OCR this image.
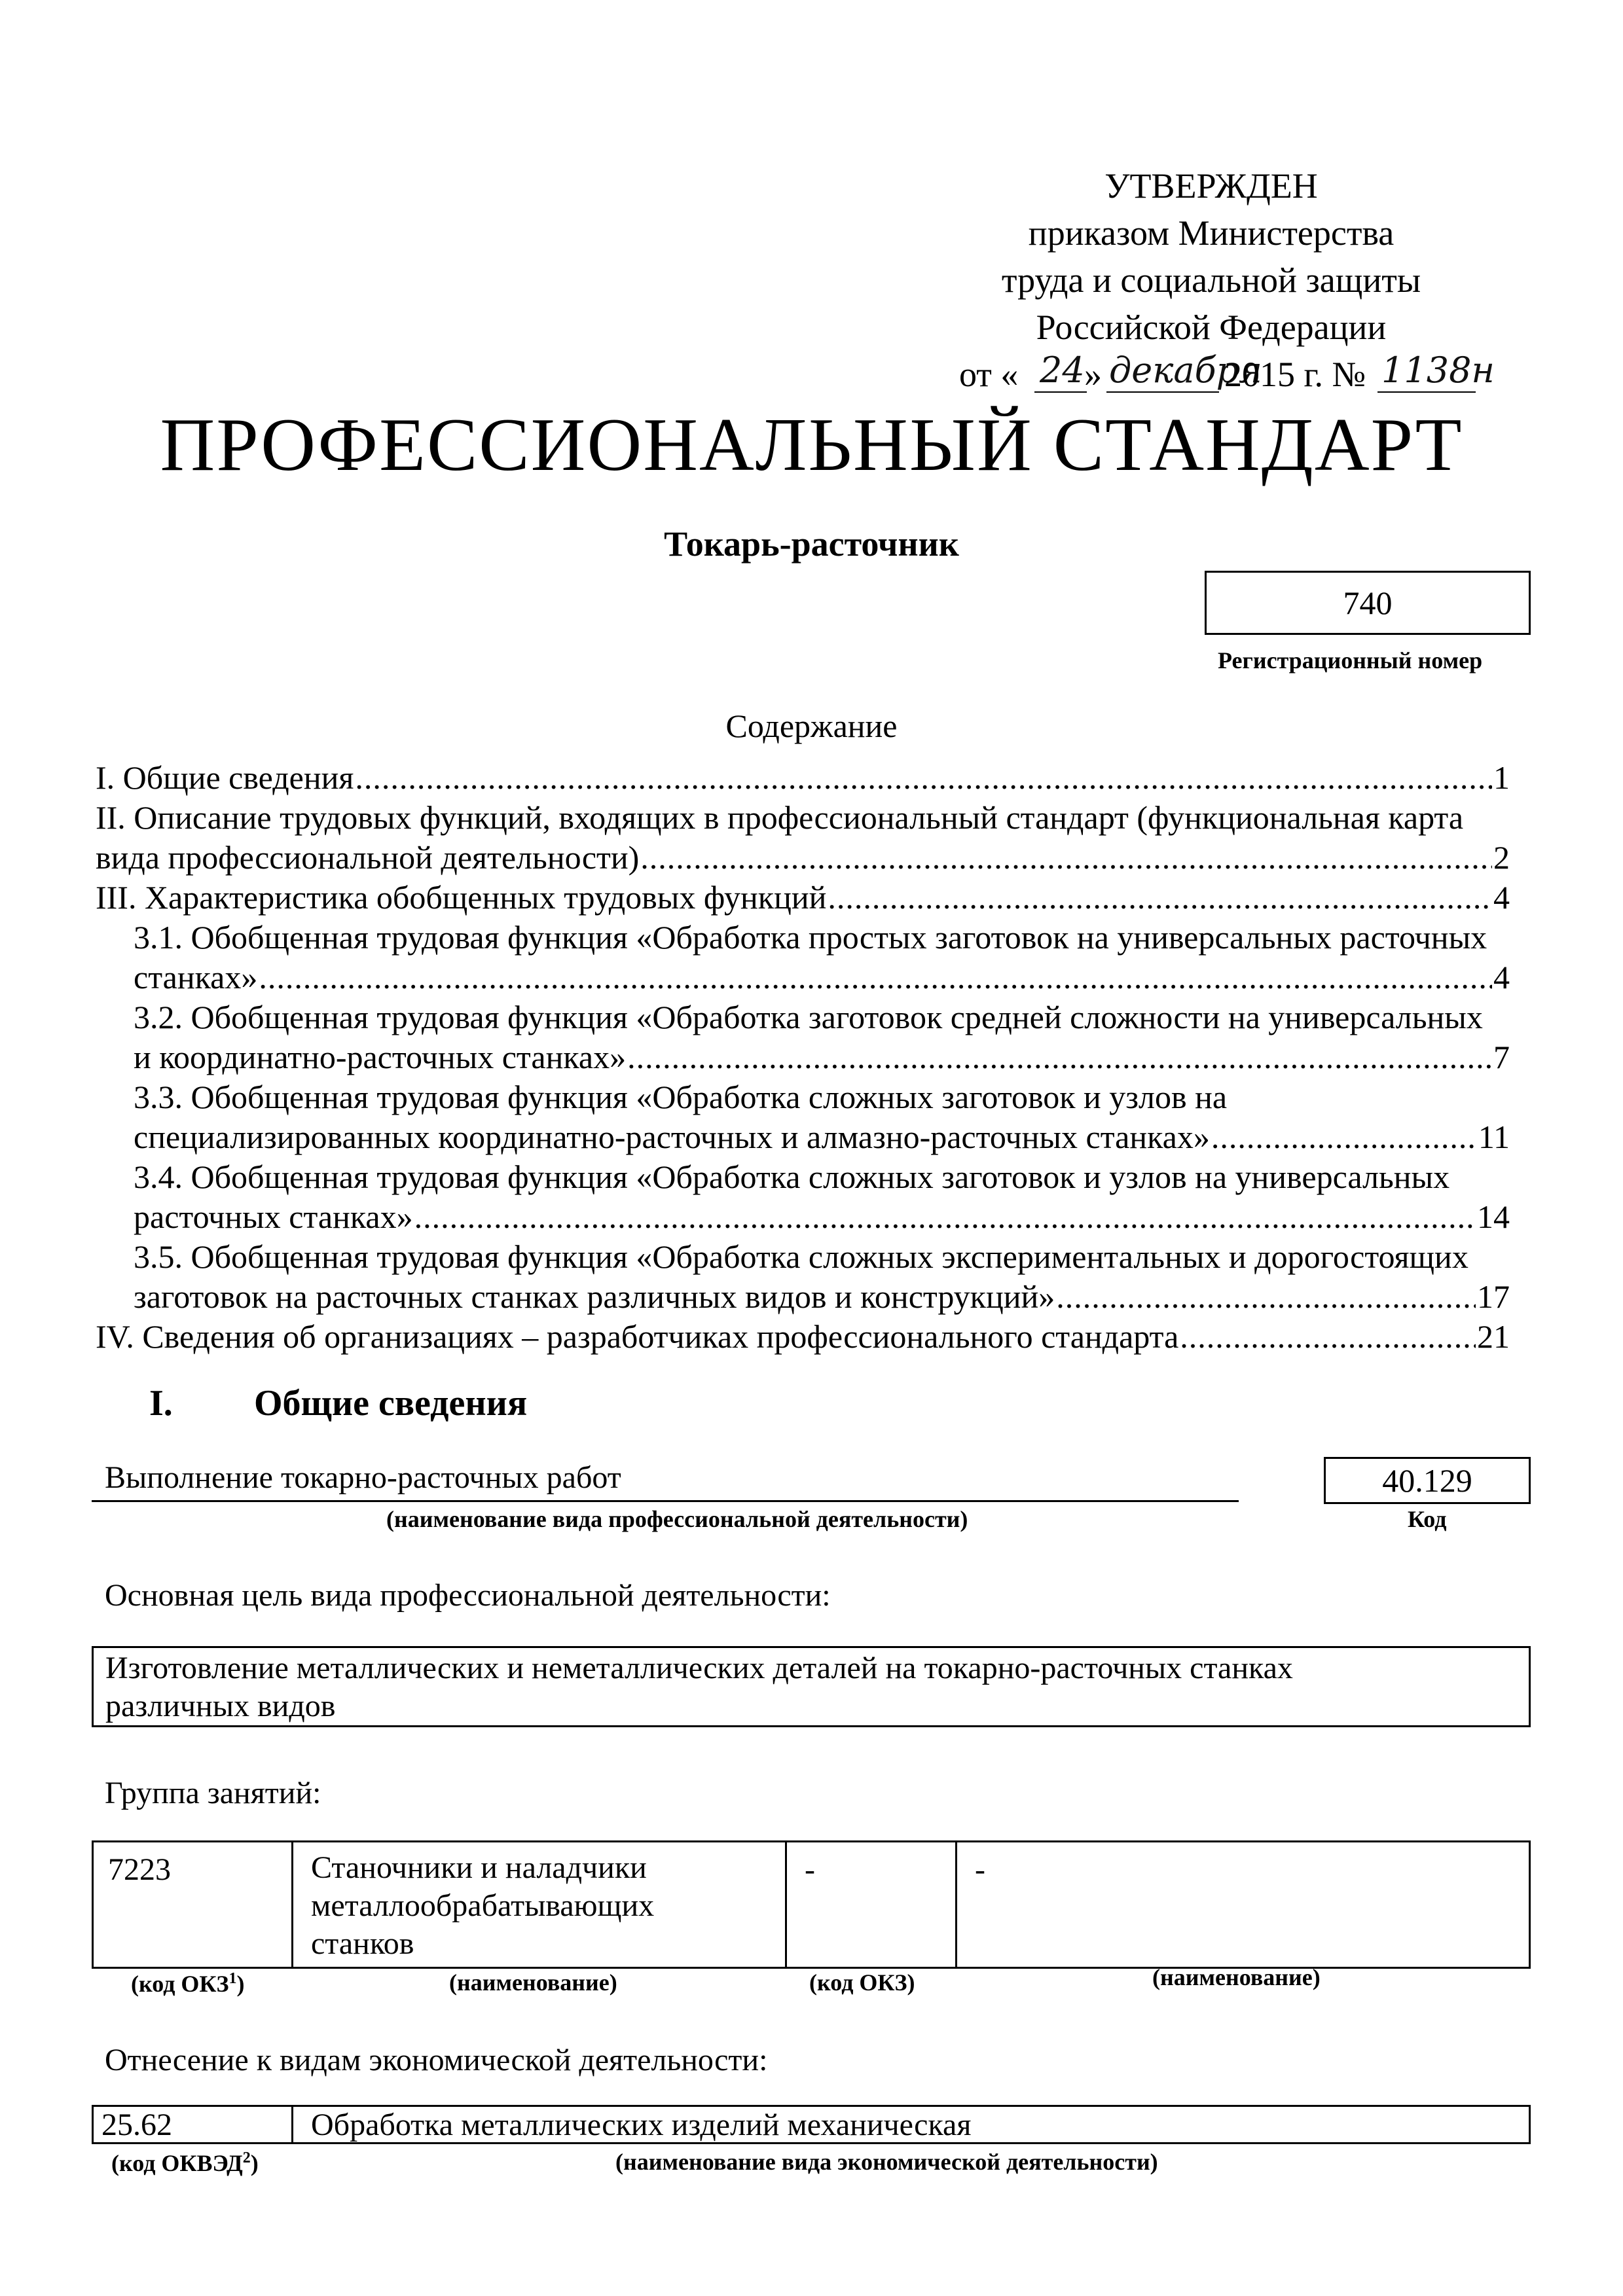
УТВЕРЖДЕН
приказом Министерства
труда и социальной защиты
Российской Федерации
от « 24 » декабря
2015 г. № 1138н
ПРОФЕССИОНАЛЬНЫЙ СТАНДАРТ
Токарь-расточник
740
Регистрационный номер
Содержание
I. Общие сведения .....	1
II. Описание трудовых функций, входящих в профессиональный стандарт (функциональная карта
вида профессиональной деятельности) .....	2
III. Характеристика обобщенных трудовых функций .....	4
3.1. Обобщенная трудовая функция «Обработка простых заготовок на универсальных расточных
станках» .....	4
3.2. Обобщенная трудовая функция «Обработка заготовок средней сложности на универсальных
и координатно-расточных станках» .....	7
3.3. Обобщенная трудовая функция «Обработка сложных заготовок и узлов на
специализированных координатно-расточных и алмазно-расточных станках» .....	11
3.4. Обобщенная трудовая функция «Обработка сложных заготовок и узлов на универсальных
расточных станках» .....	14
3.5. Обобщенная трудовая функция «Обработка сложных экспериментальных и дорогостоящих
заготовок на расточных станках различных видов и конструкций» .....	17
IV. Сведения об организациях – разработчиках профессионального стандарта .....	21
I. Общие сведения
Выполнение токарно-расточных работ
(наименование вида профессиональной деятельности)
40.129
Код
Основная цель вида профессиональной деятельности:
Изготовление металлических и неметаллических деталей на токарно-расточных станках
различных видов
Группа занятий:
7223	Станочники и наладчики
металлообрабатывающих
станков
-	-
(код ОКЗ$^1$)	(наименование)	(код ОКЗ)	(наименование)
Отнесение к видам экономической деятельности:
25.62	Обработка металлических изделий механическая
(код ОКВЭД$^2$)	(наименование вида экономической деятельности)
